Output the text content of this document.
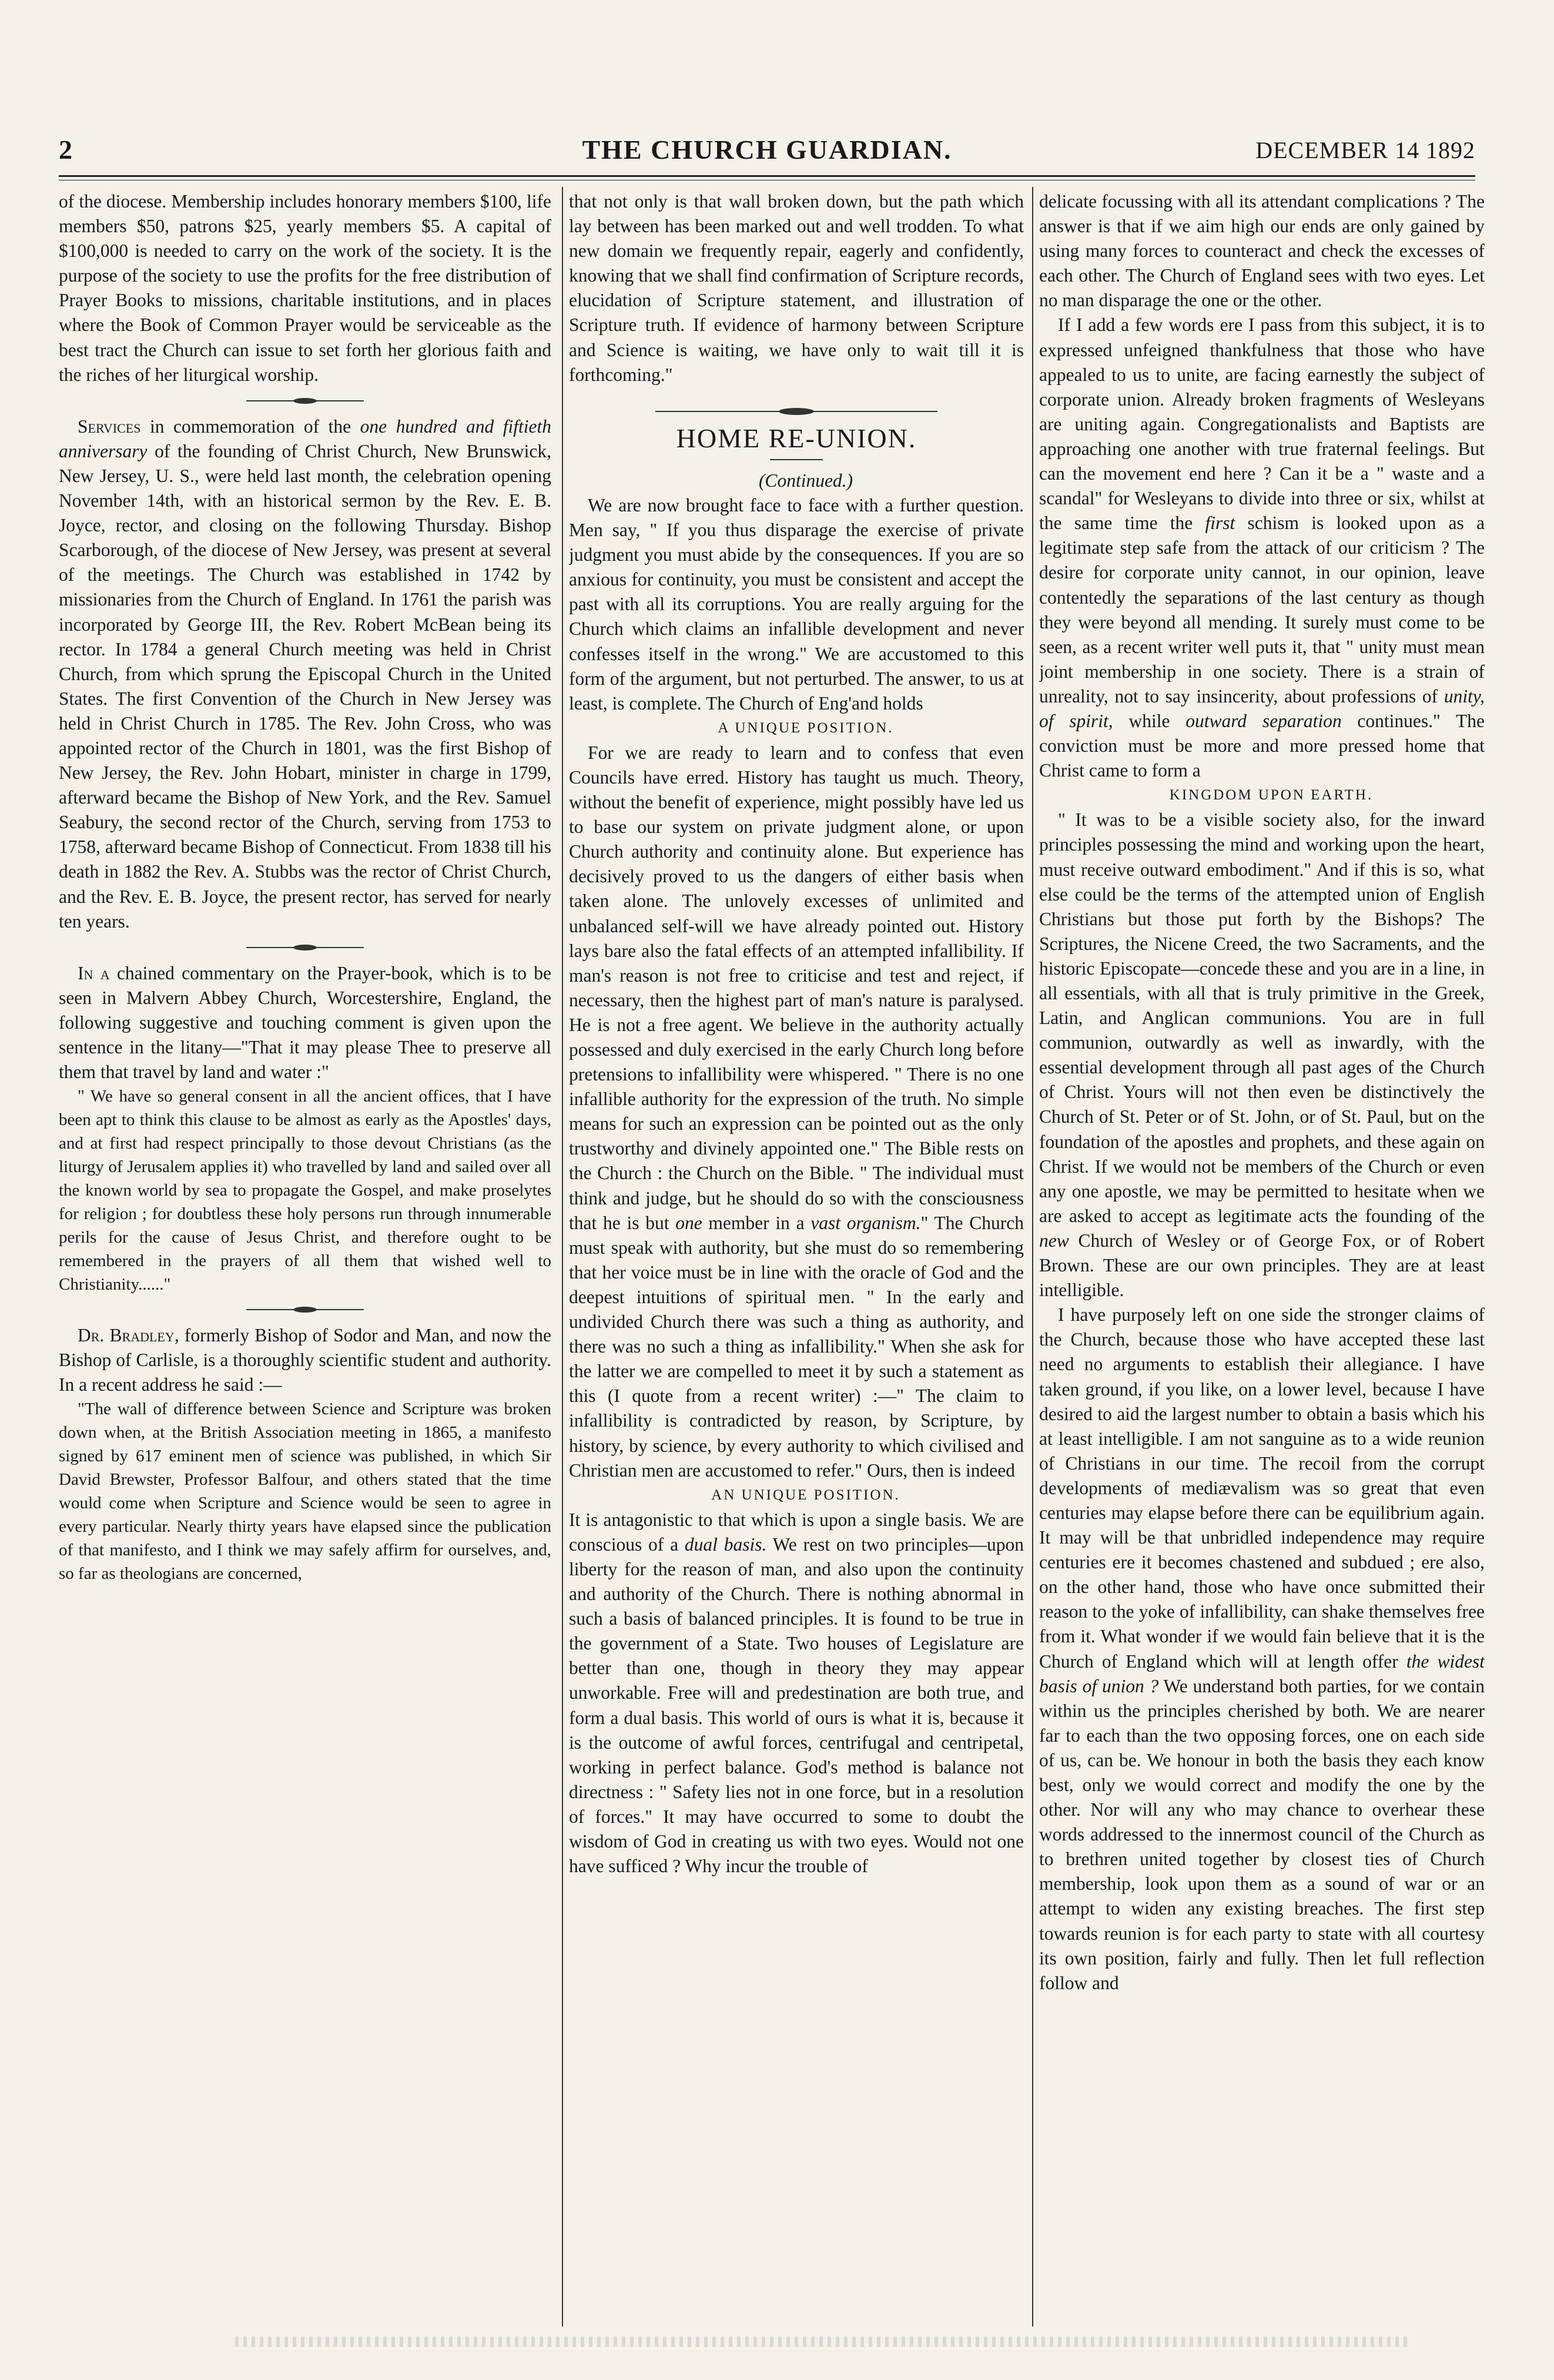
2	THE CHURCH GUARDIAN.	DECEMBER 14 1892

of the diocese. Membership includes honorary members $100, life members $50, patrons $25, yearly members $5. A capital of $100,000 is needed to carry on the work of the society. It is the purpose of the society to use the profits for the free distribution of Prayer Books to missions, charitable institutions, and in places where the Book of Common Prayer would be serviceable as the best tract the Church can issue to set forth her glorious faith and the riches of her liturgical worship.

Services in commemoration of the one hundred and fiftieth anniversary of the founding of Christ Church, New Brunswick, New Jersey, U. S., were held last month, the celebration opening November 14th, with an historical sermon by the Rev. E. B. Joyce, rector, and closing on the following Thursday. Bishop Scarborough, of the diocese of New Jersey, was present at several of the meetings. The Church was established in 1742 by missionaries from the Church of England. In 1761 the parish was incorporated by George III, the Rev. Robert McBean being its rector. In 1784 a general Church meeting was held in Christ Church, from which sprung the Episcopal Church in the United States. The first Convention of the Church in New Jersey was held in Christ Church in 1785. The Rev. John Cross, who was appointed rector of the Church in 1801, was the first Bishop of New Jersey, the Rev. John Hobart, minister in charge in 1799, afterward became the Bishop of New York, and the Rev. Samuel Seabury, the second rector of the Church, serving from 1753 to 1758, afterward became Bishop of Connecticut. From 1838 till his death in 1882 the Rev. A. Stubbs was the rector of Christ Church, and the Rev. E. B. Joyce, the present rector, has served for nearly ten years.

In a chained commentary on the Prayer-book, which is to be seen in Malvern Abbey Church, Worcestershire, England, the following suggestive and touching comment is given upon the sentence in the litany—"That it may please Thee to preserve all them that travel by land and water :"

" We have so general consent in all the ancient offices, that I have been apt to think this clause to be almost as early as the Apostles' days, and at first had respect principally to those devout Christians (as the liturgy of Jerusalem applies it) who travelled by land and sailed over all the known world by sea to propagate the Gospel, and make proselytes for religion ; for doubtless these holy persons run through innumerable perils for the cause of Jesus Christ, and therefore ought to be remembered in the prayers of all them that wished well to Christianity......"

Dr. Bradley, formerly Bishop of Sodor and Man, and now the Bishop of Carlisle, is a thoroughly scientific student and authority. In a recent address he said :—

"The wall of difference between Science and Scripture was broken down when, at the British Association meeting in 1865, a manifesto signed by 617 eminent men of science was published, in which Sir David Brewster, Professor Balfour, and others stated that the time would come when Scripture and Science would be seen to agree in every particular. Nearly thirty years have elapsed since the publication of that manifesto, and I think we may safely affirm for ourselves, and, so far as theologians are concerned,

that not only is that wall broken down, but the path which lay between has been marked out and well trodden. To what new domain we frequently repair, eagerly and confidently, knowing that we shall find confirmation of Scripture records, elucidation of Scripture statement, and illustration of Scripture truth. If evidence of harmony between Scripture and Science is waiting, we have only to wait till it is forthcoming."

HOME RE-UNION.

(Continued.)

We are now brought face to face with a further question. Men say, " If you thus disparage the exercise of private judgment you must abide by the consequences. If you are so anxious for continuity, you must be consistent and accept the past with all its corruptions. You are really arguing for the Church which claims an infallible development and never confesses itself in the wrong." We are accustomed to this form of the argument, but not perturbed. The answer, to us at least, is complete. The Church of Eng'and holds

A UNIQUE POSITION.

For we are ready to learn and to confess that even Councils have erred. History has taught us much. Theory, without the benefit of experience, might possibly have led us to base our system on private judgment alone, or upon Church authority and continuity alone. But experience has decisively proved to us the dangers of either basis when taken alone. The unlovely excesses of unlimited and unbalanced self-will we have already pointed out. History lays bare also the fatal effects of an attempted infallibility. If man's reason is not free to criticise and test and reject, if necessary, then the highest part of man's nature is paralysed. He is not a free agent. We believe in the authority actually possessed and duly exercised in the early Church long before pretensions to infallibility were whispered. " There is no one infallible authority for the expression of the truth. No simple means for such an expression can be pointed out as the only trustworthy and divinely appointed one." The Bible rests on the Church : the Church on the Bible. " The individual must think and judge, but he should do so with the consciousness that he is but one member in a vast organism." The Church must speak with authority, but she must do so remembering that her voice must be in line with the oracle of God and the deepest intuitions of spiritual men. " In the early and undivided Church there was such a thing as authority, and there was no such a thing as infallibility." When she ask for the latter we are compelled to meet it by such a statement as this (I quote from a recent writer) :—" The claim to infallibility is contradicted by reason, by Scripture, by history, by science, by every authority to which civilised and Christian men are accustomed to refer." Ours, then is indeed

AN UNIQUE POSITION.

It is antagonistic to that which is upon a single basis. We are conscious of a dual basis. We rest on two principles—upon liberty for the reason of man, and also upon the continuity and authority of the Church. There is nothing abnormal in such a basis of balanced principles. It is found to be true in the government of a State. Two houses of Legislature are better than one, though in theory they may appear unworkable. Free will and predestination are both true, and form a dual basis. This world of ours is what it is, because it is the outcome of awful forces, centrifugal and centripetal, working in perfect balance. God's method is balance not directness : " Safety lies not in one force, but in a resolution of forces." It may have occurred to some to doubt the wisdom of God in creating us with two eyes. Would not one have sufficed ? Why incur the trouble of

delicate focussing with all its attendant complications ? The answer is that if we aim high our ends are only gained by using many forces to counteract and check the excesses of each other. The Church of England sees with two eyes. Let no man disparage the one or the other.

If I add a few words ere I pass from this subject, it is to expressed unfeigned thankfulness that those who have appealed to us to unite, are facing earnestly the subject of corporate union. Already broken fragments of Wesleyans are uniting again. Congregationalists and Baptists are approaching one another with true fraternal feelings. But can the movement end here ? Can it be a " waste and a scandal" for Wesleyans to divide into three or six, whilst at the same time the first schism is looked upon as a legitimate step safe from the attack of our criticism ? The desire for corporate unity cannot, in our opinion, leave contentedly the separations of the last century as though they were beyond all mending. It surely must come to be seen, as a recent writer well puts it, that " unity must mean joint membership in one society. There is a strain of unreality, not to say insincerity, about professions of unity, of spirit, while outward separation continues." The conviction must be more and more pressed home that Christ came to form a

KINGDOM UPON EARTH.

" It was to be a visible society also, for the inward principles possessing the mind and working upon the heart, must receive outward embodiment." And if this is so, what else could be the terms of the attempted union of English Christians but those put forth by the Bishops? The Scriptures, the Nicene Creed, the two Sacraments, and the historic Episcopate—concede these and you are in a line, in all essentials, with all that is truly primitive in the Greek, Latin, and Anglican communions. You are in full communion, outwardly as well as inwardly, with the essential development through all past ages of the Church of Christ. Yours will not then even be distinctively the Church of St. Peter or of St. John, or of St. Paul, but on the foundation of the apostles and prophets, and these again on Christ. If we would not be members of the Church or even any one apostle, we may be permitted to hesitate when we are asked to accept as legitimate acts the founding of the new Church of Wesley or of George Fox, or of Robert Brown. These are our own principles. They are at least intelligible.

I have purposely left on one side the stronger claims of the Church, because those who have accepted these last need no arguments to establish their allegiance. I have taken ground, if you like, on a lower level, because I have desired to aid the largest number to obtain a basis which his at least intelligible. I am not sanguine as to a wide reunion of Christians in our time. The recoil from the corrupt developments of mediævalism was so great that even centuries may elapse before there can be equilibrium again. It may will be that unbridled independence may require centuries ere it becomes chastened and subdued ; ere also, on the other hand, those who have once submitted their reason to the yoke of infallibility, can shake themselves free from it. What wonder if we would fain believe that it is the Church of England which will at length offer the widest basis of union ? We understand both parties, for we contain within us the principles cherished by both. We are nearer far to each than the two opposing forces, one on each side of us, can be. We honour in both the basis they each know best, only we would correct and modify the one by the other. Nor will any who may chance to overhear these words addressed to the innermost council of the Church as to brethren united together by closest ties of Church membership, look upon them as a sound of war or an attempt to widen any existing breaches. The first step towards reunion is for each party to state with all courtesy its own position, fairly and fully. Then let full reflection follow and
